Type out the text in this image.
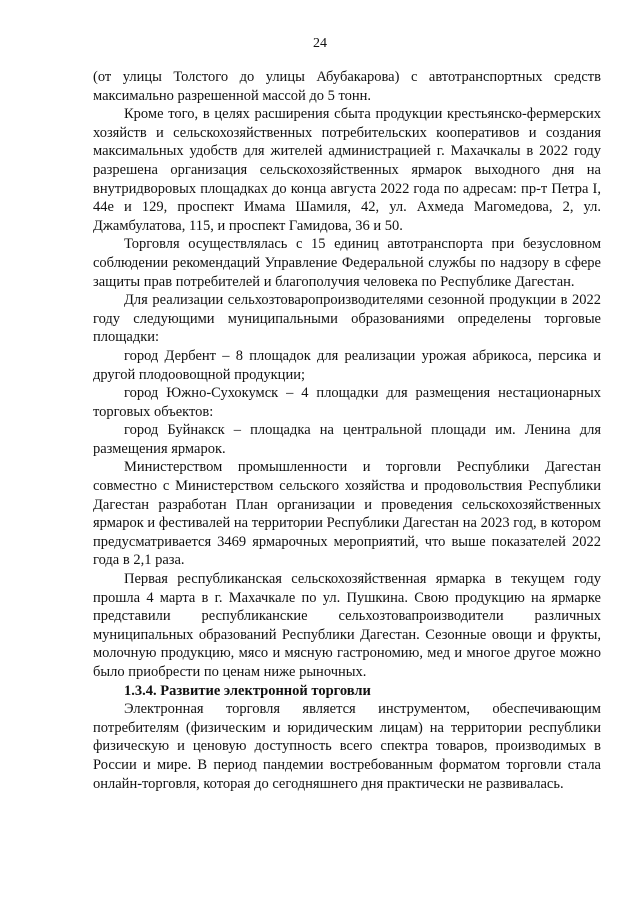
24

(от улицы Толстого до улицы Абубакарова) с автотранспортных средств максимально разрешенной массой до 5 тонн.

Кроме того, в целях расширения сбыта продукции крестьянско-фермерских хозяйств и сельскохозяйственных потребительских кооперативов и создания максимальных удобств для жителей администрацией г. Махачкалы в 2022 году разрешена организация сельскохозяйственных ярмарок выходного дня на внутридворовых площадках до конца августа 2022 года по адресам: пр-т Петра I, 44е и 129, проспект Имама Шамиля, 42, ул. Ахмеда Магомедова, 2, ул. Джамбулатова, 115, и проспект Гамидова, 36 и 50.

Торговля осуществлялась с 15 единиц автотранспорта при безусловном соблюдении рекомендаций Управление Федеральной службы по надзору в сфере защиты прав потребителей и благополучия человека по Республике Дагестан.

Для реализации сельхозтоваропроизводителями сезонной продукции в 2022 году следующими муниципальными образованиями определены торговые площадки:

город Дербент – 8 площадок для реализации урожая абрикоса, персика и другой плодоовощной продукции;

город Южно-Сухокумск – 4 площадки для размещения нестационарных торговых объектов:

город Буйнакск – площадка на центральной площади им. Ленина для размещения ярмарок.

Министерством промышленности и торговли Республики Дагестан совместно с Министерством сельского хозяйства и продовольствия Республики Дагестан разработан План организации и проведения сельскохозяйственных ярмарок и фестивалей на территории Республики Дагестан на 2023 год, в котором предусматривается 3469 ярмарочных мероприятий, что выше показателей 2022 года в 2,1 раза.

Первая республиканская сельскохозяйственная ярмарка в текущем году прошла 4 марта в г. Махачкале по ул. Пушкина. Свою продукцию на ярмарке представили республиканские сельхозтовапроизводители различных муниципальных образований Республики Дагестан. Сезонные овощи и фрукты, молочную продукцию, мясо и мясную гастрономию, мед и многое другое можно было приобрести по ценам ниже рыночных.

1.3.4. Развитие электронной торговли

Электронная торговля является инструментом, обеспечивающим потребителям (физическим и юридическим лицам) на территории республики физическую и ценовую доступность всего спектра товаров, производимых в России и мире. В период пандемии востребованным форматом торговли стала онлайн-торговля, которая до сегодняшнего дня практически не развивалась.
